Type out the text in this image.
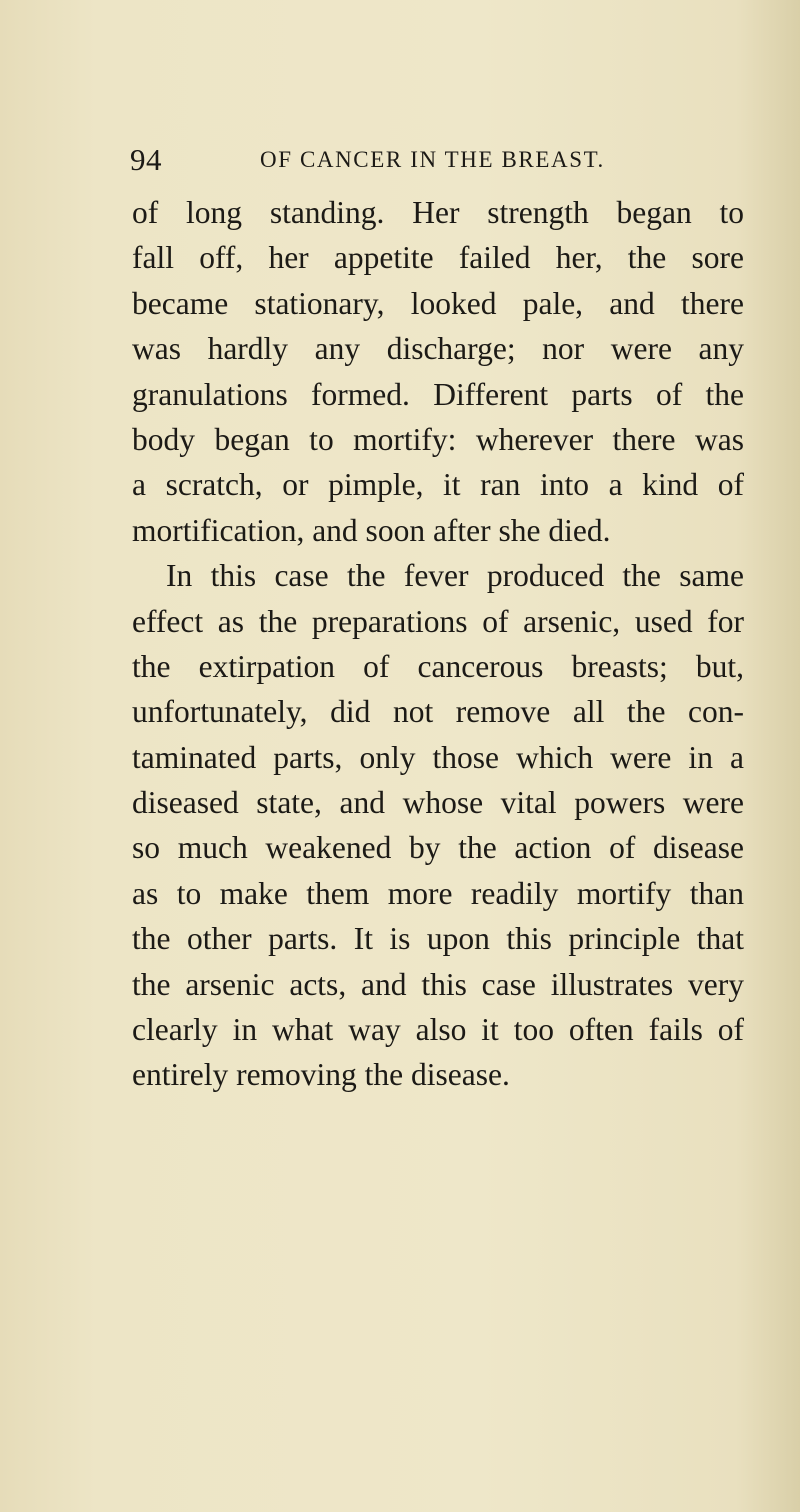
94	OF CANCER IN THE BREAST.
of long standing. Her strength began to
fall off, her appetite failed her, the sore
became stationary, looked pale, and there
was hardly any discharge; nor were any
granulations formed. Different parts of the
body began to mortify: wherever there was
a scratch, or pimple, it ran into a kind of
mortification, and soon after she died.
In this case the fever produced the same
effect as the preparations of arsenic, used for
the extirpation of cancerous breasts; but,
unfortunately, did not remove all the con-
taminated parts, only those which were in a
diseased state, and whose vital powers were
so much weakened by the action of disease
as to make them more readily mortify than
the other parts. It is upon this principle that
the arsenic acts, and this case illustrates very
clearly in what way also it too often fails of
entirely removing the disease.
